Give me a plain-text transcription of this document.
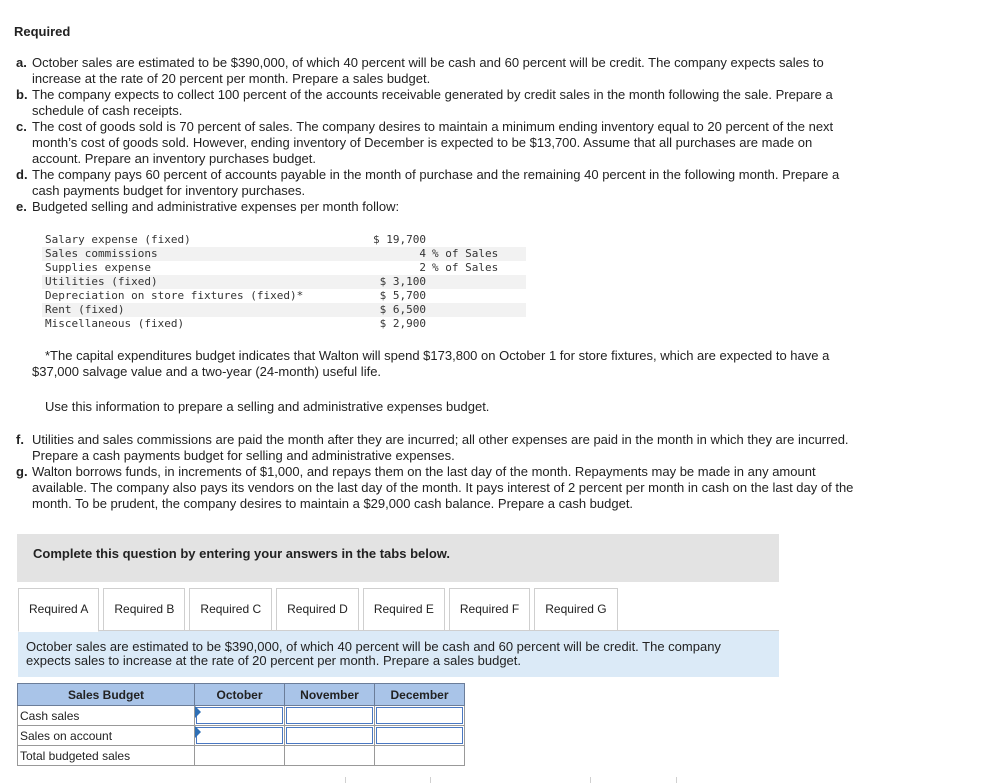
Required
a. October sales are estimated to be $390,000, of which 40 percent will be cash and 60 percent will be credit. The company expects sales to increase at the rate of 20 percent per month. Prepare a sales budget.
b. The company expects to collect 100 percent of the accounts receivable generated by credit sales in the month following the sale. Prepare a schedule of cash receipts.
c. The cost of goods sold is 70 percent of sales. The company desires to maintain a minimum ending inventory equal to 20 percent of the next month’s cost of goods sold. However, ending inventory of December is expected to be $13,700. Assume that all purchases are made on account. Prepare an inventory purchases budget.
d. The company pays 60 percent of accounts payable in the month of purchase and the remaining 40 percent in the following month. Prepare a cash payments budget for inventory purchases.
e. Budgeted selling and administrative expenses per month follow:
Salary expense (fixed)	$ 19,700		
Sales commissions	4	% of Sales	
Supplies expense	2	% of Sales	
Utilities (fixed)	$ 3,100		
Depreciation on store fixtures (fixed)*	$ 5,700		
Rent (fixed)	$ 6,500		
Miscellaneous (fixed)	$ 2,900		
*The capital expenditures budget indicates that Walton will spend $173,800 on October 1 for store fixtures, which are expected to have a $37,000 salvage value and a two-year (24-month) useful life.
Use this information to prepare a selling and administrative expenses budget.
f. Utilities and sales commissions are paid the month after they are incurred; all other expenses are paid in the month in which they are incurred. Prepare a cash payments budget for selling and administrative expenses.
g. Walton borrows funds, in increments of $1,000, and repays them on the last day of the month. Repayments may be made in any amount available. The company also pays its vendors on the last day of the month. It pays interest of 2 percent per month in cash on the last day of the month. To be prudent, the company desires to maintain a $29,000 cash balance. Prepare a cash budget.
Complete this question by entering your answers in the tabs below.
Required A	Required B	Required C	Required D	Required E	Required F	Required G
October sales are estimated to be $390,000, of which 40 percent will be cash and 60 percent will be credit. The company expects sales to increase at the rate of 20 percent per month. Prepare a sales budget.
Sales Budget	October	November	December
Cash sales	

Sales on account	

Total budgeted sales			
